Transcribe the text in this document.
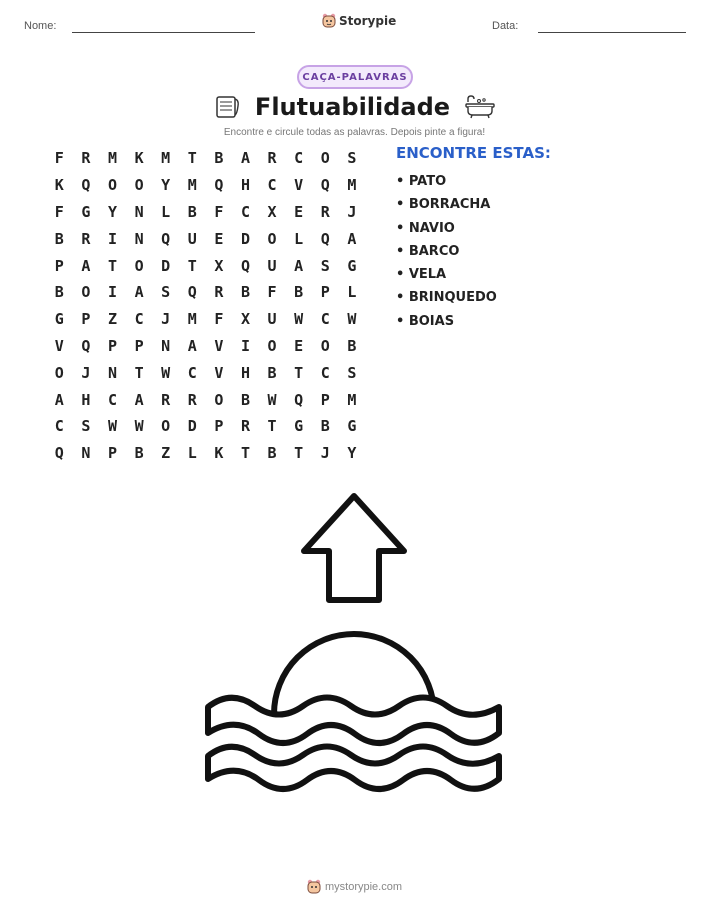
Nome:	Storypie	Data:
CAÇA-PALAVRAS
Flutuabilidade
Encontre e circule todas as palavras. Depois pinte a figura!
F	R	M	K	M	T	B	A	R	C	O	S
K	Q	O	O	Y	M	Q	H	C	V	Q	M
F	G	Y	N	L	B	F	C	X	E	R	J
B	R	I	N	Q	U	E	D	O	L	Q	A
P	A	T	O	D	T	X	Q	U	A	S	G
B	O	I	A	S	Q	R	B	F	B	P	L
G	P	Z	C	J	M	F	X	U	W	C	W
V	Q	P	P	N	A	V	I	O	E	O	B
O	J	N	T	W	C	V	H	B	T	C	S
A	H	C	A	R	R	O	B	W	Q	P	M
C	S	W	W	O	D	P	R	T	G	B	G
Q	N	P	B	Z	L	K	T	B	T	J	Y
ENCONTRE ESTAS:
• PATO
• BORRACHA
• NAVIO
• BARCO
• VELA
• BRINQUEDO
• BOIAS
mystorypie.com
